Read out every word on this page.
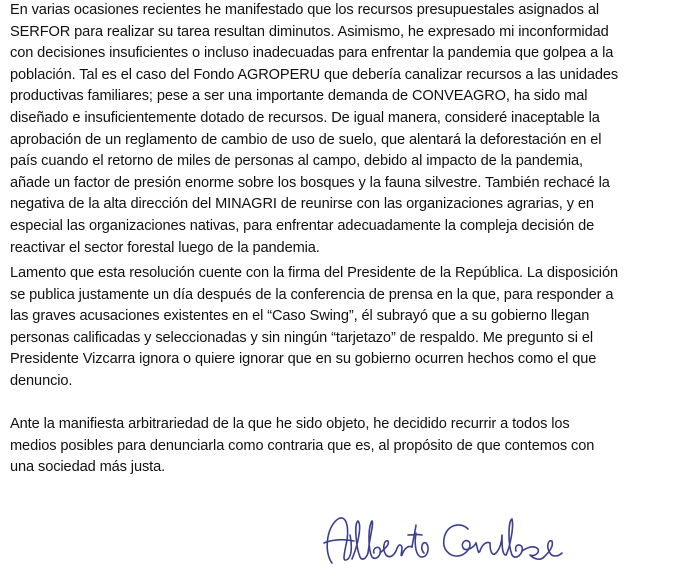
En varias ocasiones recientes he manifestado que los recursos presupuestales asignados al
SERFOR para realizar su tarea resultan diminutos. Asimismo, he expresado mi inconformidad
con decisiones insuficientes o incluso inadecuadas para enfrentar la pandemia que golpea a la
población. Tal es el caso del Fondo AGROPERU que debería canalizar recursos a las unidades
productivas familiares; pese a ser una importante demanda de CONVEAGRO, ha sido mal
diseñado e insuficientemente dotado de recursos. De igual manera, consideré inaceptable la
aprobación de un reglamento de cambio de uso de suelo, que alentará la deforestación en el
país cuando el retorno de miles de personas al campo, debido al impacto de la pandemia,
añade un factor de presión enorme sobre los bosques y la fauna silvestre. También rechacé la
negativa de la alta dirección del MINAGRI de reunirse con las organizaciones agrarias, y en
especial las organizaciones nativas, para enfrentar adecuadamente la compleja decisión de
reactivar el sector forestal luego de la pandemia.

Lamento que esta resolución cuente con la firma del Presidente de la República. La disposición
se publica justamente un día después de la conferencia de prensa en la que, para responder a
las graves acusaciones existentes en el “Caso Swing”, él subrayó que a su gobierno llegan
personas calificadas y seleccionadas y sin ningún “tarjetazo” de respaldo. Me pregunto si el
Presidente Vizcarra ignora o quiere ignorar que en su gobierno ocurren hechos como el que
denuncio.

Ante la manifiesta arbitrariedad de la que he sido objeto, he decidido recurrir a todos los
medios posibles para denunciarla como contraria que es, al propósito de que contemos con
una sociedad más justa.
